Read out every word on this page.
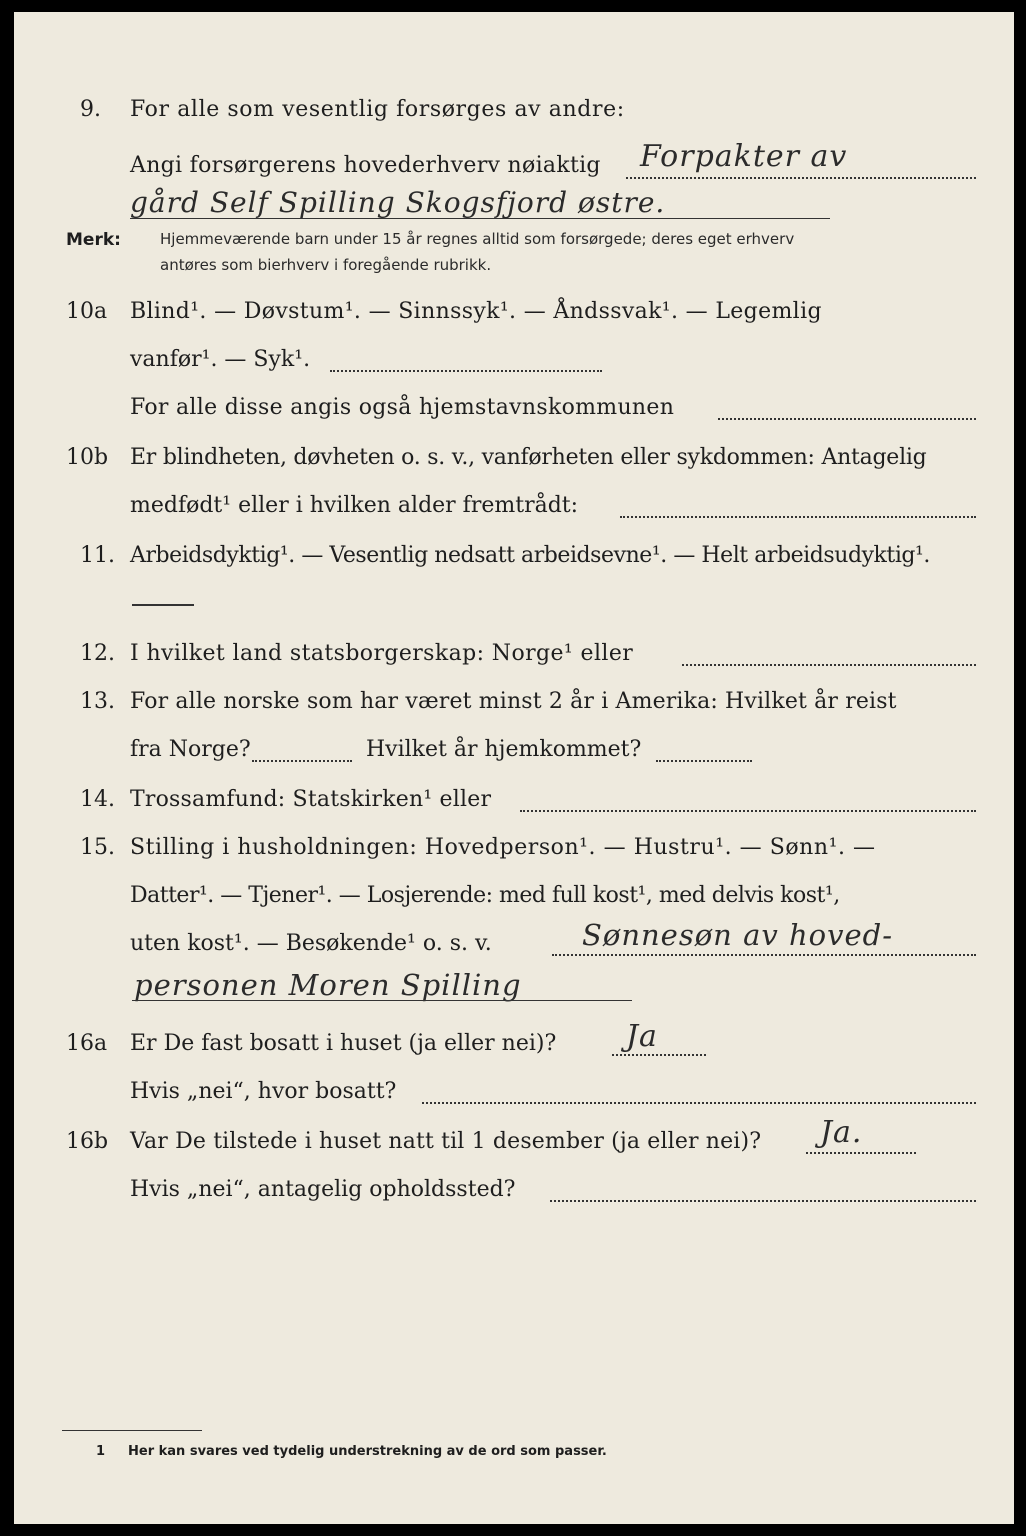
9. For alle som vesentlig forsørges av andre:
Angi forsørgerens hovederhverv nøiaktig Forpakter av
gård Self Spilling Skogsfjord østre.
Merk:	Hjemmeværende barn under 15 år regnes alltid som forsørgede; deres eget erhverv
antøres som bierhverv i foregående rubrikk.
10a Blind¹. — Døvstum¹. — Sinnssyk¹. — Åndssvak¹. — Legemlig
vanfør¹. — Syk¹.
For alle disse angis også hjemstavnskommunen
10b Er blindheten, døvheten o. s. v., vanførheten eller sykdommen: Antagelig
medfødt¹ eller i hvilken alder fremtrådt:
11. Arbeidsdyktig¹. — Vesentlig nedsatt arbeidsevne¹. — Helt arbeidsudyktig¹.
12. I hvilket land statsborgerskap: Norge¹ eller
13. For alle norske som har været minst 2 år i Amerika: Hvilket år reist
fra Norge?	Hvilket år hjemkommet?
14. Trossamfund: Statskirken¹ eller
15. Stilling i husholdningen: Hovedperson¹. — Hustru¹. — Sønn¹. —
Datter¹. — Tjener¹. — Losjerende: med full kost¹, med delvis kost¹,
uten kost¹. — Besøkende¹ o. s. v.	Sønnesøn av hoved-
personen Moren Spilling
16a Er De fast bosatt i huset (ja eller nei)? Ja
Hvis „nei“, hvor bosatt?
16b Var De tilstede i huset natt til 1 desember (ja eller nei)? Ja.
Hvis „nei“, antagelig opholdssted?
1 Her kan svares ved tydelig understrekning av de ord som passer.
